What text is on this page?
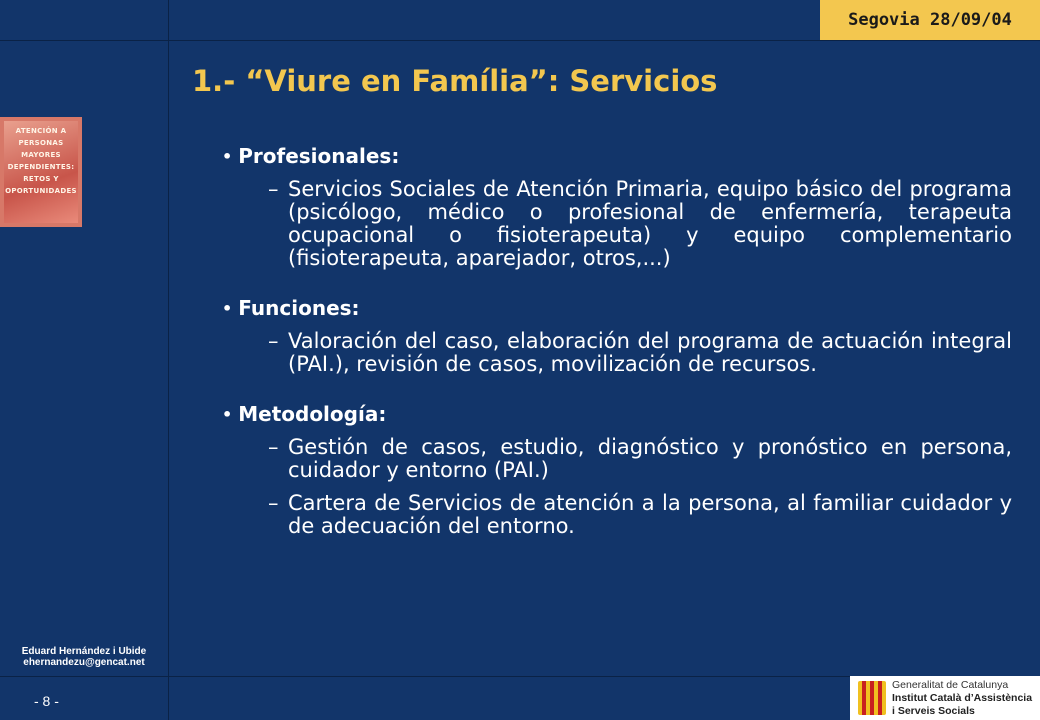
Segovia 28/09/04
1.- “Viure en Família”: Servicios
ATENCIÓN A PERSONAS MAYORES DEPENDIENTES: RETOS Y OPORTUNIDADES
Eduard Hernández i Ubide
ehernandezu@gencat.net
- 8 -
Generalitat de Catalunya
Institut Català d’Assistència
i Serveis Socials
• Profesionales:
– Servicios Sociales de Atención Primaria, equipo básico del programa (psicólogo, médico o profesional de enfermería, terapeuta ocupacional o fisioterapeuta) y equipo complementario (fisioterapeuta, aparejador, otros,...)
• Funciones:
– Valoración del caso, elaboración del programa de actuación integral (PAI.), revisión de casos, movilización de recursos.
• Metodología:
– Gestión de casos, estudio, diagnóstico y pronóstico en persona, cuidador y entorno (PAI.)
– Cartera de Servicios de atención a la persona, al familiar cuidador y de adecuación del entorno.
